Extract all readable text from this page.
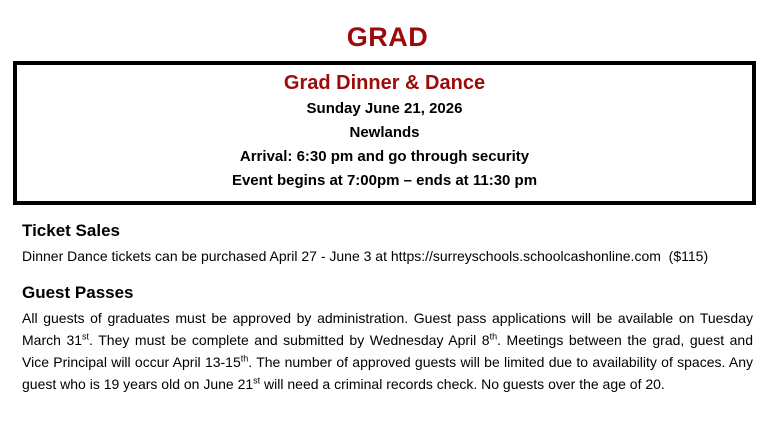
GRAD
Grad Dinner & Dance
Sunday June 21, 2026
Newlands
Arrival: 6:30 pm and go through security
Event begins at 7:00pm – ends at 11:30 pm
Ticket Sales
Dinner Dance tickets can be purchased April 27 - June 3 at https://surreyschools.schoolcashonline.com  ($115)
Guest Passes
All guests of graduates must be approved by administration. Guest pass applications will be available on Tuesday March 31st. They must be complete and submitted by Wednesday April 8th. Meetings between the grad, guest and Vice Principal will occur April 13-15th. The number of approved guests will be limited due to availability of spaces. Any guest who is 19 years old on June 21st will need a criminal records check. No guests over the age of 20.
